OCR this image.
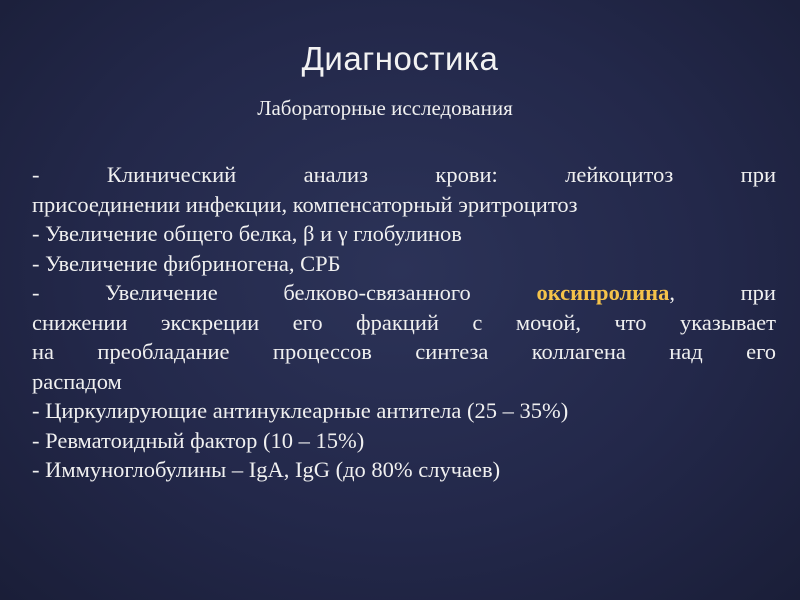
Диагностика
Лабораторные исследования

- Клинический анализ крови: лейкоцитоз при

присоединении инфекции, компенсаторный эритроцитоз

- Увеличение общего белка, β и γ глобулинов

- Увеличение фибриногена, СРБ

- Увеличение белково-связанного оксипролина, при

снижении экскреции его фракций с мочой, что указывает

на преобладание процессов синтеза коллагена над его

распадом

- Циркулирующие антинуклеарные антитела (25 – 35%)

- Ревматоидный фактор (10 – 15%)

- Иммуноглобулины – IgA, IgG (до 80% случаев)
